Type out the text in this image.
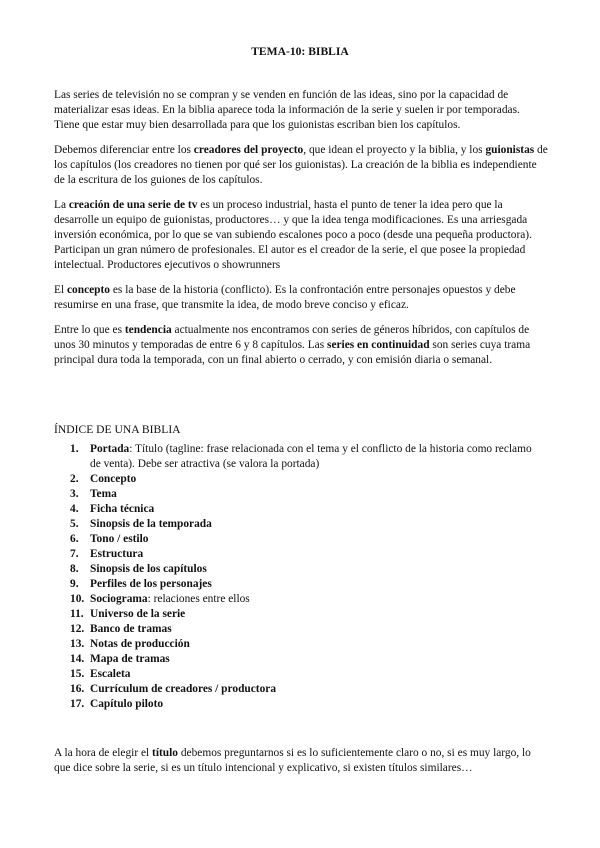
TEMA-10: BIBLIA

Las series de televisión no se compran y se venden en función de las ideas, sino por la capacidad de materializar esas ideas. En la biblia aparece toda la información de la serie y suelen ir por temporadas. Tiene que estar muy bien desarrollada para que los guionistas escriban bien los capítulos.

Debemos diferenciar entre los creadores del proyecto, que idean el proyecto y la biblia, y los guionistas de los capítulos (los creadores no tienen por qué ser los guionistas). La creación de la biblia es independiente de la escritura de los guiones de los capítulos.

La creación de una serie de tv es un proceso industrial, hasta el punto de tener la idea pero que la desarrolle un equipo de guionistas, productores… y que la idea tenga modificaciones. Es una arriesgada inversión económica, por lo que se van subiendo escalones poco a poco (desde una pequeña productora). Participan un gran número de profesionales. El autor es el creador de la serie, el que posee la propiedad intelectual. Productores ejecutivos o showrunners

El concepto es la base de la historia (conflicto). Es la confrontación entre personajes opuestos y debe resumirse en una frase, que transmite la idea, de modo breve conciso y eficaz.

Entre lo que es tendencia actualmente nos encontramos con series de géneros híbridos, con capítulos de unos 30 minutos y temporadas de entre 6 y 8 capítulos. Las series en continuidad son series cuya trama principal dura toda la temporada, con un final abierto o cerrado, y con emisión diaria o semanal.

ÍNDICE DE UNA BIBLIA
1. Portada: Título (tagline: frase relacionada con el tema y el conflicto de la historia como reclamo de venta). Debe ser atractiva (se valora la portada)
2. Concepto
3. Tema
4. Ficha técnica
5. Sinopsis de la temporada
6. Tono / estilo
7. Estructura
8. Sinopsis de los capítulos
9. Perfiles de los personajes
10. Sociograma: relaciones entre ellos
11. Universo de la serie
12. Banco de tramas
13. Notas de producción
14. Mapa de tramas
15. Escaleta
16. Currículum de creadores / productora
17. Capítulo piloto

A la hora de elegir el título debemos preguntarnos si es lo suficientemente claro o no, si es muy largo, lo que dice sobre la serie, si es un título intencional y explicativo, si existen títulos similares…
